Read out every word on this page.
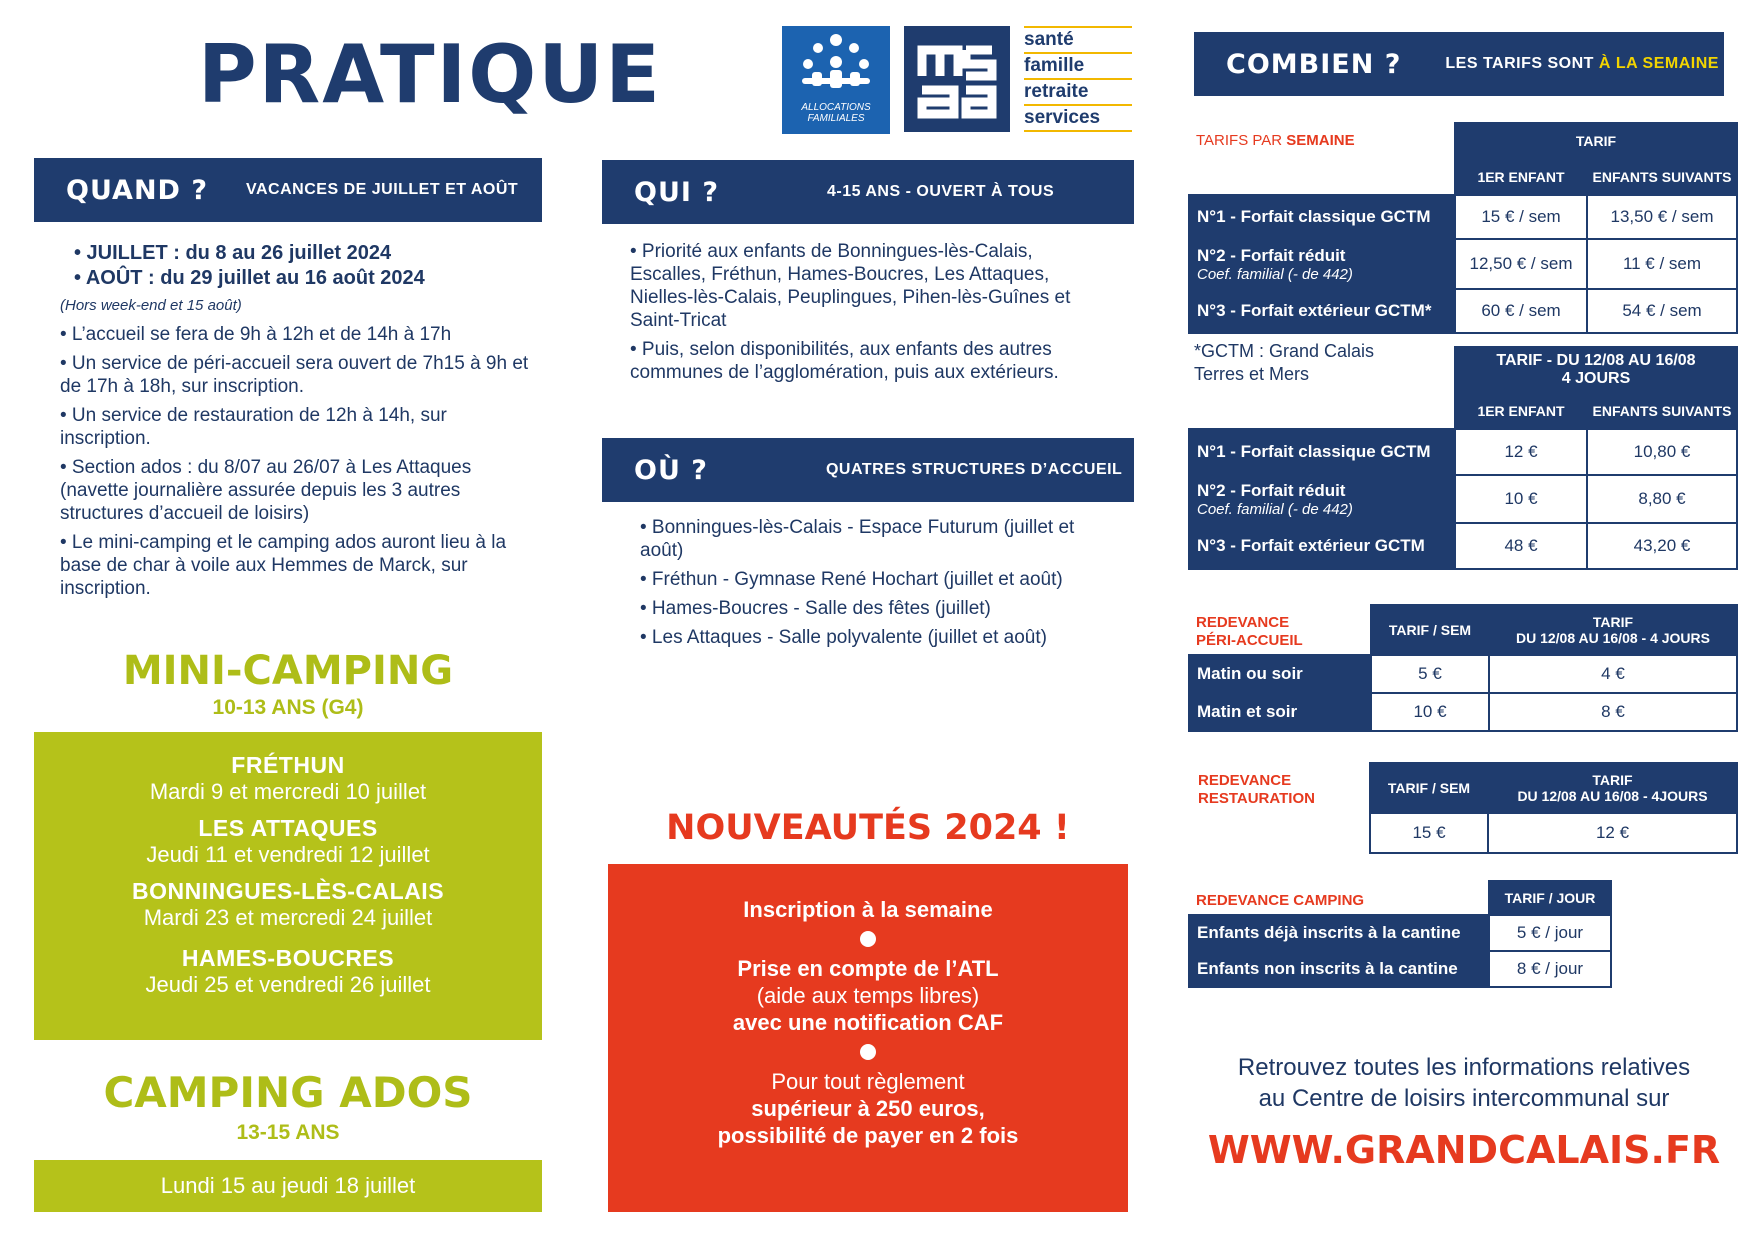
PRATIQUE	ALLOCATIONS FAMILIALES
santé
famille
retraite
services
QUAND ? VACANCES DE JUILLET ET AOÛT

• JUILLET : du 8 au 26 juillet 2024

• AOÛT : du 29 juillet au 16 août 2024

(Hors week-end et 15 août)

• L’accueil se fera de 9h à 12h et de 14h à 17h

• Un service de péri-accueil sera ouvert de 7h15 à 9h et de 17h à 18h, sur inscription.

• Un service de restauration de 12h à 14h, sur inscription.

• Section ados : du 8/07 au 26/07 à Les Attaques (navette journalière assurée depuis les 3 autres structures d’accueil de loisirs)

• Le mini-camping et le camping ados auront lieu à la base de char à voile aux Hemmes de Marck, sur inscription.

MINI-CAMPING
10-13 ANS (G4)
FRÉTHUN
Mardi 9 et mercredi 10 juillet
LES ATTAQUES
Jeudi 11 et vendredi 12 juillet
BONNINGUES-LÈS-CALAIS
Mardi 23 et mercredi 24 juillet
HAMES-BOUCRES
Jeudi 25 et vendredi 26 juillet
CAMPING ADOS
13-15 ANS
Lundi 15 au jeudi 18 juillet
QUI ?	4-15 ANS - OUVERT À TOUS

• Priorité aux enfants de Bonningues-lès-Calais, Escalles, Fréthun, Hames-Boucres, Les Attaques, Nielles-lès-Calais, Peuplingues, Pihen-lès-Guînes et Saint-Tricat

• Puis, selon disponibilités, aux enfants des autres communes de l’agglomération, puis aux extérieurs.

OÙ ?	QUATRES STRUCTURES D’ACCUEIL

• Bonningues-lès-Calais - Espace Futurum (juillet et août)

• Fréthun - Gymnase René Hochart (juillet et août)

• Hames-Boucres - Salle des fêtes (juillet)

• Les Attaques - Salle polyvalente (juillet et août)

NOUVEAUTÉS 2024 !
Inscription à la semaine
Prise en compte de l’ATL
(aide aux temps libres)
avec une notification CAF
Pour tout règlement
supérieur à 250 euros,
possibilité de payer en 2 fois
COMBIEN ?	LES TARIFS SONT À LA SEMAINE
TARIFS PAR SEMAINE
		TARIF	
	1ER ENFANT	ENFANTS SUIVANTS
N°1 - Forfait classique GCTM	15 € / sem	13,50 € / sem
N°2 - Forfait réduit
Coef. familial (- de 442)	12,50 € / sem	11 € / sem
N°3 - Forfait extérieur GCTM*	60 € / sem	54 € / sem
*GCTM : Grand Calais Terres et Mers

	TARIF - DU 12/08 AU 16/08
4 JOURS	

	1ER ENFANT	ENFANTS SUIVANTS
N°1 - Forfait classique GCTM	12 €	10,80 €
N°2 - Forfait réduit
Coef. familial (- de 442)	10 €	8,80 €
N°3 - Forfait extérieur GCTM	48 €	43,20 €
REDEVANCE
PÉRI-ACCUEIL
	TARIF / SEM	TARIF
DU 12/08 AU 16/08 - 4 JOURS

Matin ou soir	5 €	4 €
Matin et soir	10 €	8 €
REDEVANCE
RESTAURATION
	TARIF / SEM	TARIF
DU 12/08 AU 16/08 - 4JOURS

	15 €	12 €
REDEVANCE CAMPING
		TARIF / JOUR
Enfants déjà inscrits à la cantine	5 € / jour
Enfants non inscrits à la cantine	8 € / jour
Retrouvez toutes les informations relatives
au Centre de loisirs intercommunal sur
WWW.GRANDCALAIS.FR
